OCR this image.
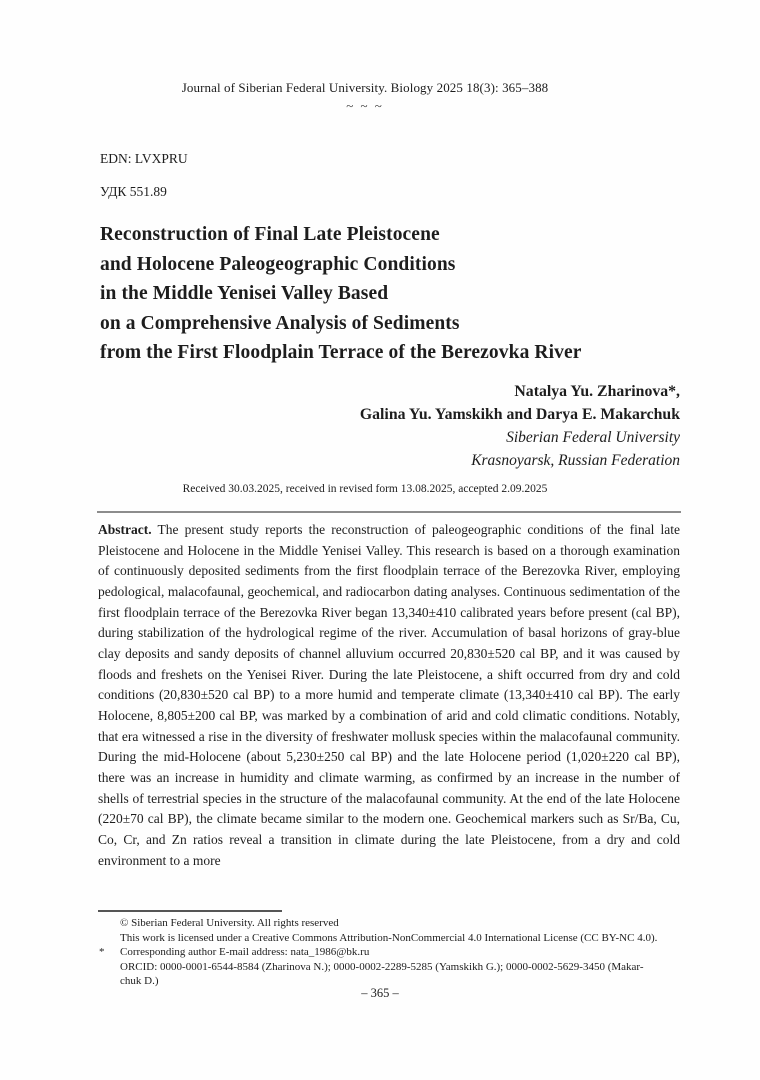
Journal of Siberian Federal University. Biology 2025 18(3): 365–388
~ ~ ~
EDN: LVXPRU
УДК 551.89
Reconstruction of Final Late Pleistocene
and Holocene Paleogeographic Conditions
in the Middle Yenisei Valley Based
on a Comprehensive Analysis of Sediments
from the First Floodplain Terrace of the Berezovka River
Natalya Yu. Zharinova*,
Galina Yu. Yamskikh and Darya E. Makarchuk
Siberian Federal University
Krasnoyarsk, Russian Federation
Received 30.03.2025, received in revised form 13.08.2025, accepted 2.09.2025

Abstract. The present study reports the reconstruction of paleogeographic conditions of the final late Pleistocene and Holocene in the Middle Yenisei Valley. This research is based on a thorough examination of continuously deposited sediments from the first floodplain terrace of the Berezovka River, employing pedological, malacofaunal, geochemical, and radiocarbon dating analyses. Continuous sedimentation of the first floodplain terrace of the Berezovka River began 13,340±410 calibrated years before present (cal BP), during stabilization of the hydrological regime of the river. Accumulation of basal horizons of gray-blue clay deposits and sandy deposits of channel alluvium occurred 20,830±520 cal BP, and it was caused by floods and freshets on the Yenisei River. During the late Pleistocene, a shift occurred from dry and cold conditions (20,830±520 cal BP) to a more humid and temperate climate (13,340±410 cal BP). The early Holocene, 8,805±200 cal BP, was marked by a combination of arid and cold climatic conditions. Notably, that era witnessed a rise in the diversity of freshwater mollusk species within the malacofaunal community. During the mid-Holocene (about 5,230±250 cal BP) and the late Holocene period (1,020±220 cal BP), there was an increase in humidity and climate warming, as confirmed by an increase in the number of shells of terrestrial species in the structure of the malacofaunal community. At the end of the late Holocene (220±70 cal BP), the climate became similar to the modern one. Geochemical markers such as Sr/Ba, Cu, Co, Cr, and Zn ratios reveal a transition in climate during the late Pleistocene, from a dry and cold environment to a more

© Siberian Federal University. All rights reserved
This work is licensed under a Creative Commons Attribution-NonCommercial 4.0 International License (CC BY-NC 4.0).
* Corresponding author E-mail address: nata_1986@bk.ru
ORCID: 0000-0001-6544-8584 (Zharinova N.); 0000-0002-2289-5285 (Yamskikh G.); 0000-0002-5629-3450 (Makar-
chuk D.)
– 365 –
